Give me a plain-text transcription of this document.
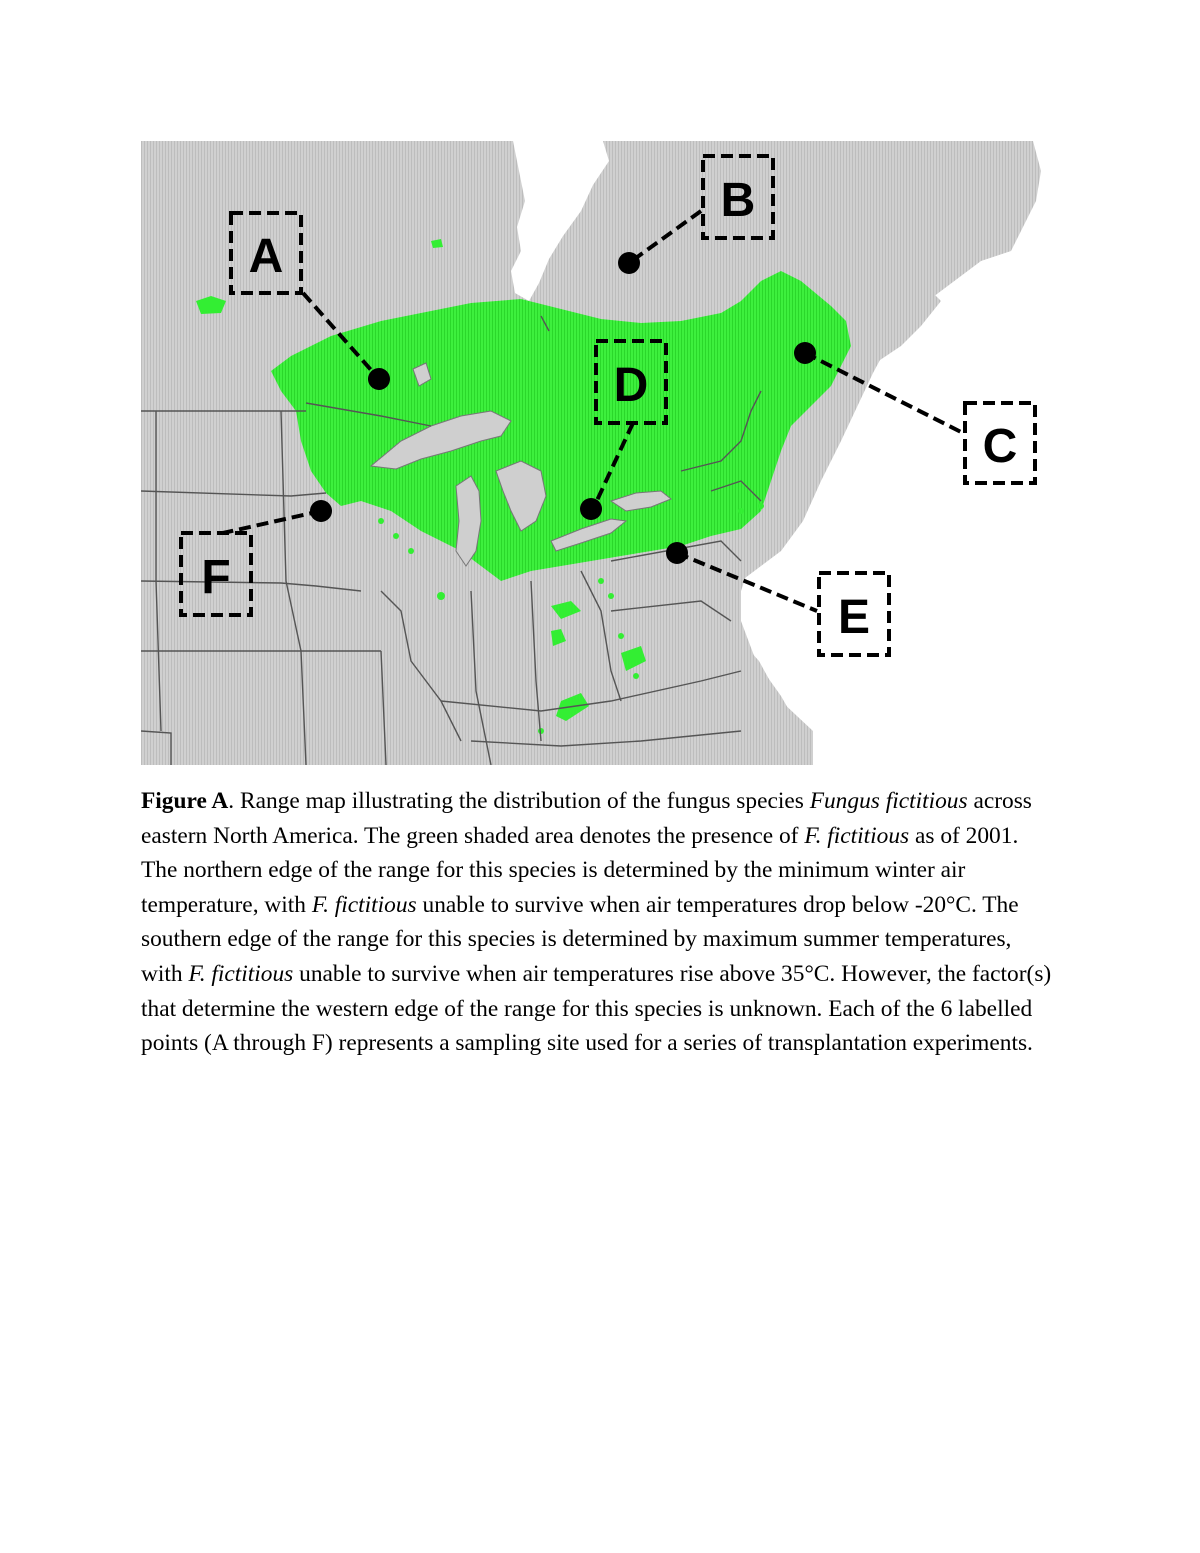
A
B
C
D
E
F
Figure A. Range map illustrating the distribution of the fungus species Fungus fictitious across eastern North America. The green shaded area denotes the presence of F. fictitious as of 2001. The northern edge of the range for this species is determined by the minimum winter air temperature, with F. fictitious unable to survive when air temperatures drop below -20°C. The southern edge of the range for this species is determined by maximum summer temperatures, with F. fictitious unable to survive when air temperatures rise above 35°C. However, the factor(s) that determine the western edge of the range for this species is unknown. Each of the 6 labelled points (A through F) represents a sampling site used for a series of transplantation experiments.
